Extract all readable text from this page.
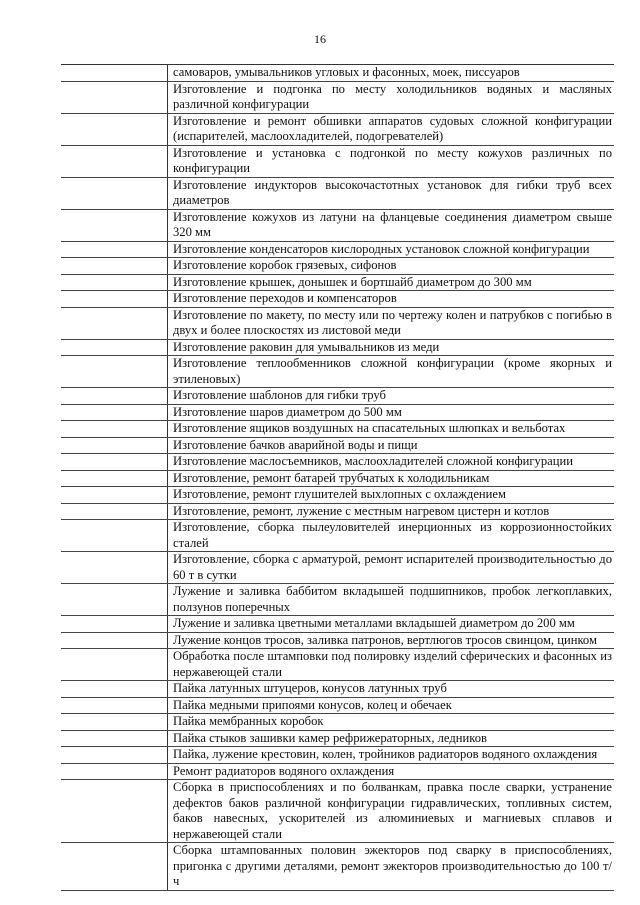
16
самоваров, умывальников угловых и фасонных, моек, писсуаров
Изготовление и подгонка по месту холодильников водяных и масляных различной конфигурации
Изготовление и ремонт обшивки аппаратов судовых сложной конфигурации (испарителей, маслоохладителей, подогревателей)
Изготовление и установка с подгонкой по месту кожухов различных по конфигурации
Изготовление индукторов высокочастотных установок для гибки труб всех диаметров
Изготовление кожухов из латуни на фланцевые соединения диаметром свыше 320 мм
Изготовление конденсаторов кислородных установок сложной конфигурации
Изготовление коробок грязевых, сифонов
Изготовление крышек, донышек и бортшайб диаметром до 300 мм
Изготовление переходов и компенсаторов
Изготовление по макету, по месту или по чертежу колен и патрубков с погибью в двух и более плоскостях из листовой меди
Изготовление раковин для умывальников из меди
Изготовление теплообменников сложной конфигурации (кроме якорных и этиленовых)
Изготовление шаблонов для гибки труб
Изготовление шаров диаметром до 500 мм
Изготовление ящиков воздушных на спасательных шлюпках и вельботах
Изготовление бачков аварийной воды и пищи
Изготовление маслосъемников, маслоохладителей сложной конфигурации
Изготовление, ремонт батарей трубчатых к холодильникам
Изготовление, ремонт глушителей выхлопных с охлаждением
Изготовление, ремонт, лужение с местным нагревом цистерн и котлов
Изготовление, сборка пылеуловителей инерционных из коррозионностойких сталей
Изготовление, сборка с арматурой, ремонт испарителей производительностью до 60 т в сутки
Лужение и заливка баббитом вкладышей подшипников, пробок легкоплавких, ползунов поперечных
Лужение и заливка цветными металлами вкладышей диаметром до 200 мм
Лужение концов тросов, заливка патронов, вертлюгов тросов свинцом, цинком
Обработка после штамповки под полировку изделий сферических и фасонных из нержавеющей стали
Пайка латунных штуцеров, конусов латунных труб
Пайка медными припоями конусов, колец и обечаек
Пайка мембранных коробок
Пайка стыков зашивки камер рефрижераторных, ледников
Пайка, лужение крестовин, колен, тройников радиаторов водяного охлаждения
Ремонт радиаторов водяного охлаждения
Сборка в приспособлениях и по болванкам, правка после сварки, устранение дефектов баков различной конфигурации гидравлических, топливных систем, баков навесных, ускорителей из алюминиевых и магниевых сплавов и нержавеющей стали
Сборка штампованных половин эжекторов под сварку в приспособлениях, пригонка с другими деталями, ремонт эжекторов производительностью до 100 т/ч
